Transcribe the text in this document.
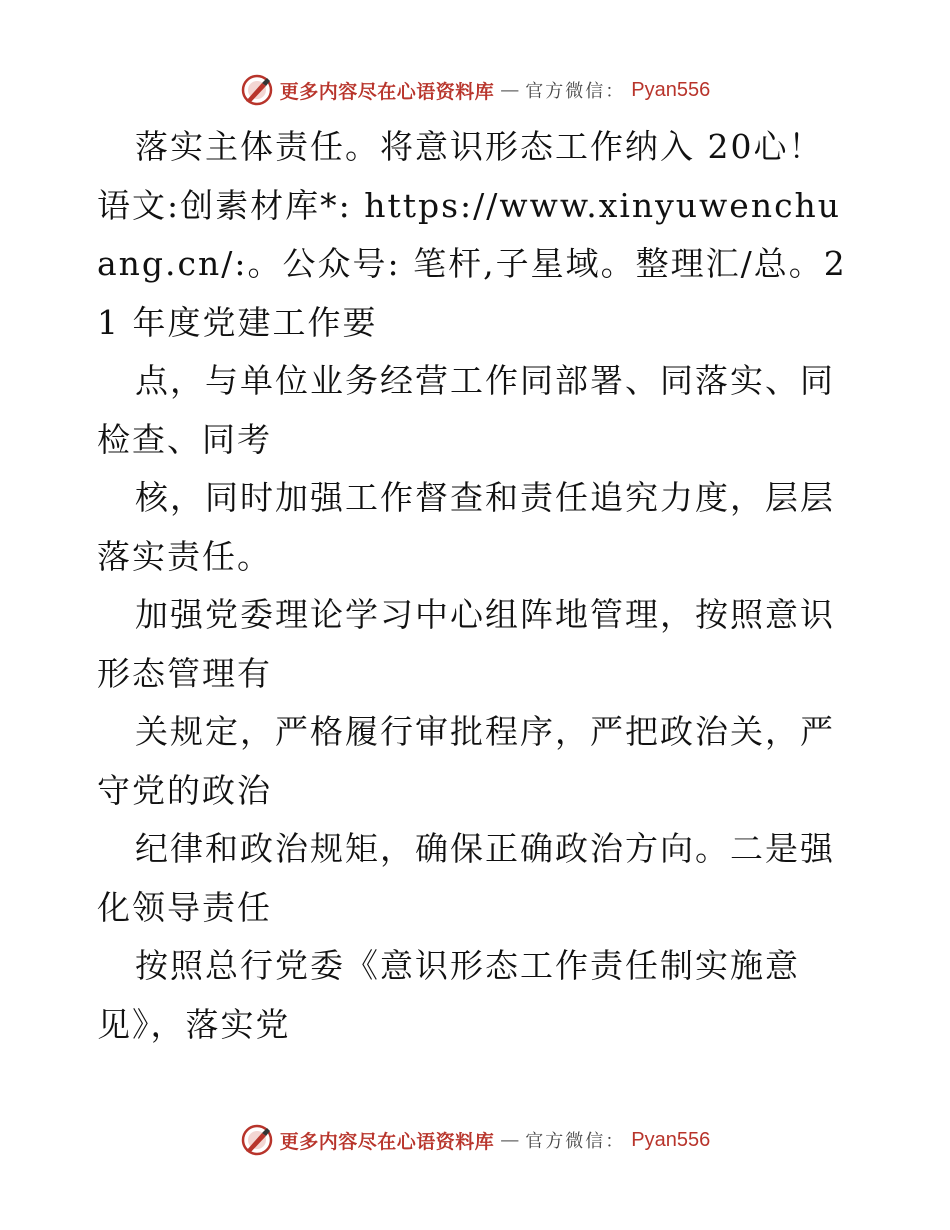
更多内容尽在心语资料库 — 官方微信： Pyan556

落实主体责任。将意识形态工作纳入 20心！语文:创素材库*: https://www.xinyuwenchuang.cn/:。公众号: 笔杆,子星域。整理汇/总。21 年度党建工作要

点，与单位业务经营工作同部署、同落实、同检查、同考

核，同时加强工作督查和责任追究力度，层层落实责任。

加强党委理论学习中心组阵地管理，按照意识形态管理有

关规定，严格履行审批程序，严把政治关，严守党的政治

纪律和政治规矩，确保正确政治方向。二是强化领导责任

按照总行党委《意识形态工作责任制实施意见》，落实党

更多内容尽在心语资料库 — 官方微信： Pyan556
